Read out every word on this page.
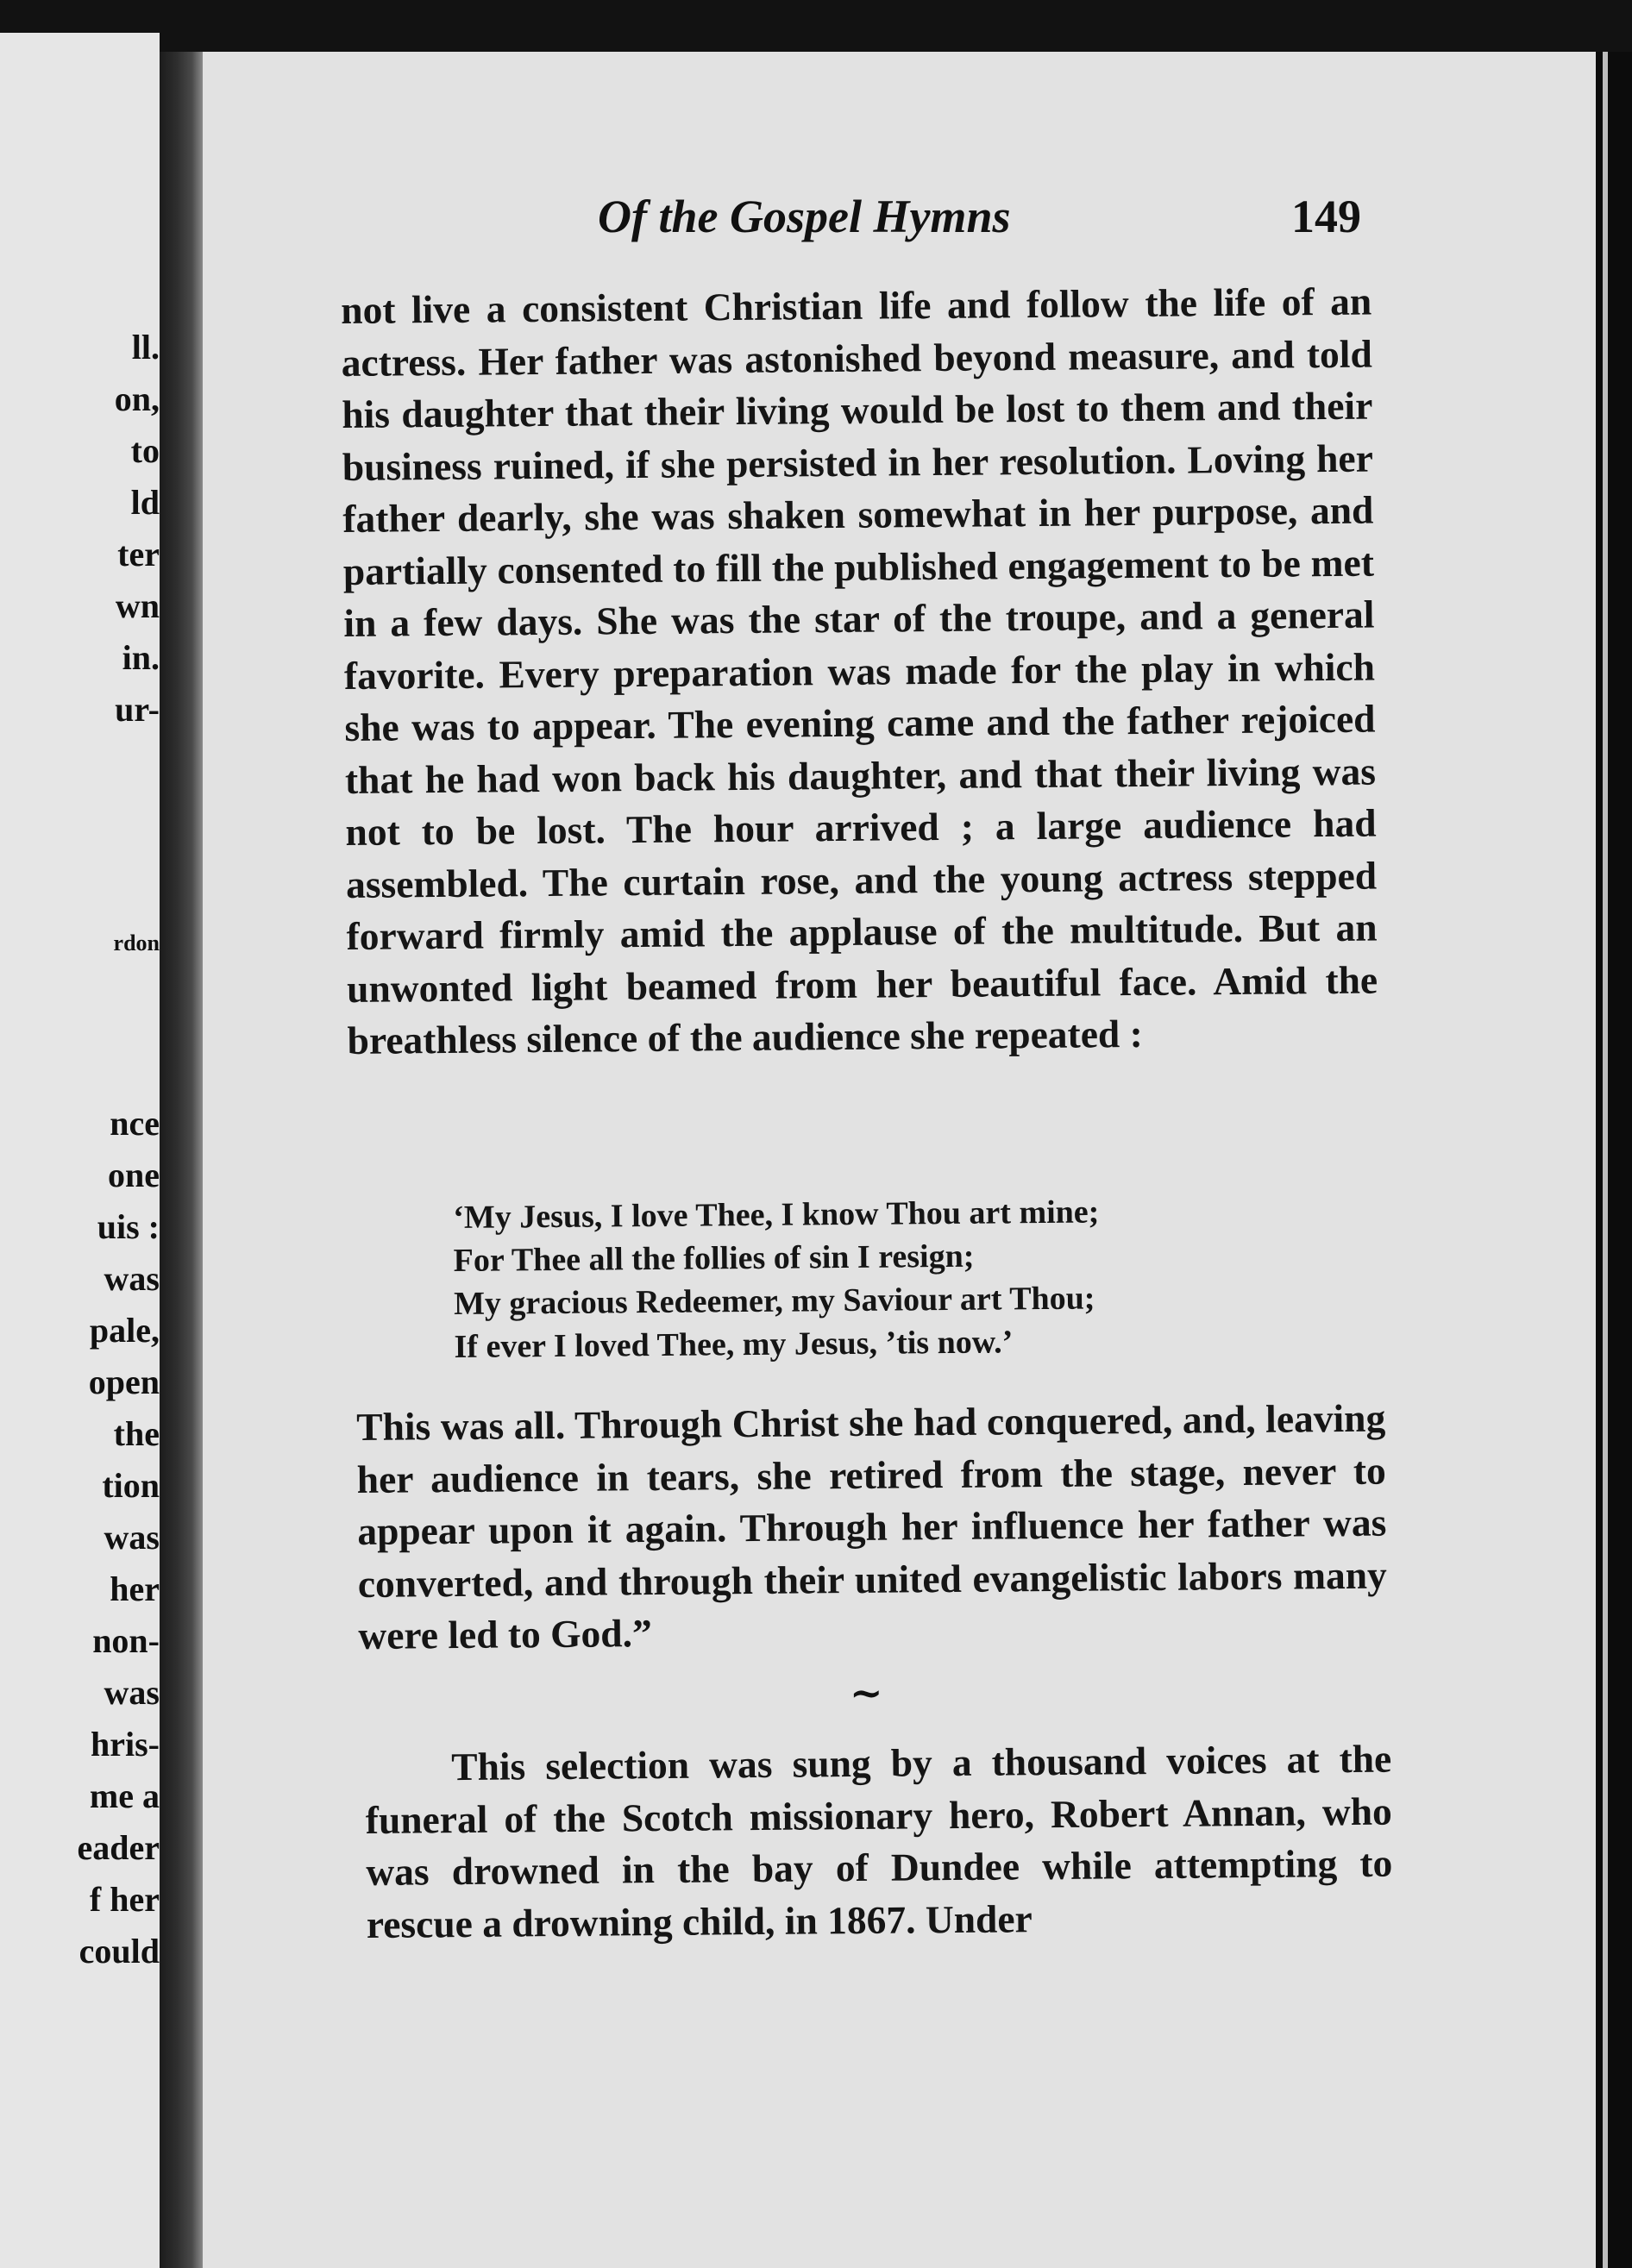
ll.
on,
to
ld
ter
wn
in.
ur-
rdon
nce
one
uis :
was
pale,
open
the
tion
was
her
non-
was
hris-
me a
eader
f her
could
Of the Gospel Hymns	149

not live a consistent Christian life and follow the life of an actress. Her father was astonished beyond measure, and told his daughter that their living would be lost to them and their business ruined, if she persisted in her resolution. Loving her father dearly, she was shaken somewhat in her purpose, and partially consented to fill the published engagement to be met in a few days. She was the star of the troupe, and a general favorite. Every preparation was made for the play in which she was to appear. The evening came and the father rejoiced that he had won back his daughter, and that their living was not to be lost. The hour arrived ; a large audience had assembled. The curtain rose, and the young actress stepped forward firmly amid the applause of the multitude. But an unwonted light beamed from her beautiful face. Amid the breathless silence of the audience she repeated :

‘My Jesus, I love Thee, I know Thou art mine;
For Thee all the follies of sin I resign;
My gracious Redeemer, my Saviour art Thou;
If ever I loved Thee, my Jesus, ’tis now.’

This was all. Through Christ she had conquered, and, leaving her audience in tears, she retired from the stage, never to appear upon it again. Through her influence her father was converted, and through their united evangelistic labors many were led to God.”

~

This selection was sung by a thousand voices at the funeral of the Scotch missionary hero, Robert Annan, who was drowned in the bay of Dundee while attempting to rescue a drowning child, in 1867. Under
